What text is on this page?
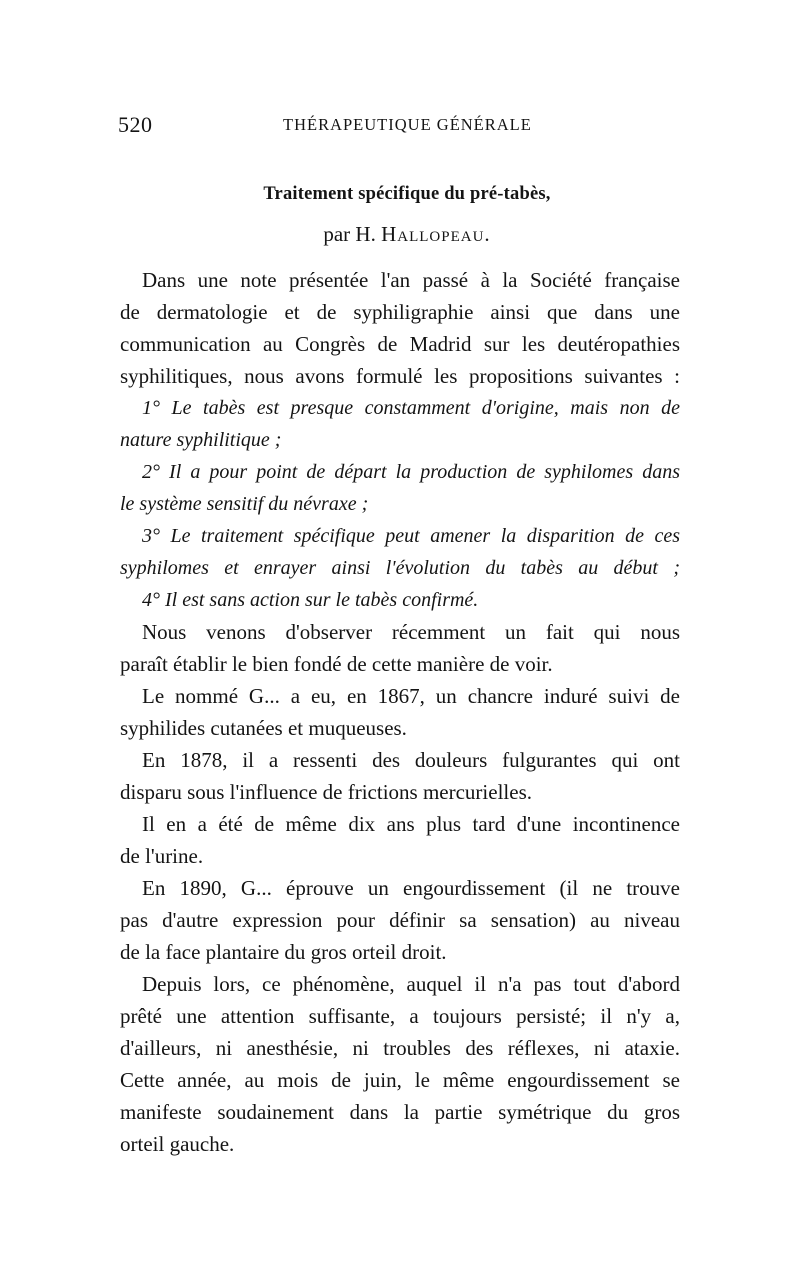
520	THÉRAPEUTIQUE GÉNÉRALE
Traitement spécifique du pré-tabès,
par H. Hallopeau.
Dans une note présentée l'an passé à la Société française
de dermatologie et de syphiligraphie ainsi que dans une
communication au Congrès de Madrid sur les deutéropathies
syphilitiques, nous avons formulé les propositions suivantes :
1° Le tabès est presque constamment d'origine, mais non de
nature syphilitique ;
2° Il a pour point de départ la production de syphilomes dans
le système sensitif du névraxe ;
3° Le traitement spécifique peut amener la disparition de ces
syphilomes et enrayer ainsi l'évolution du tabès au début ;
4° Il est sans action sur le tabès confirmé.
Nous venons d'observer récemment un fait qui nous
paraît établir le bien fondé de cette manière de voir.
Le nommé G... a eu, en 1867, un chancre induré suivi de
syphilides cutanées et muqueuses.
En 1878, il a ressenti des douleurs fulgurantes qui ont
disparu sous l'influence de frictions mercurielles.
Il en a été de même dix ans plus tard d'une incontinence
de l'urine.
En 1890, G... éprouve un engourdissement (il ne trouve
pas d'autre expression pour définir sa sensation) au niveau
de la face plantaire du gros orteil droit.
Depuis lors, ce phénomène, auquel il n'a pas tout d'abord
prêté une attention suffisante, a toujours persisté; il n'y a,
d'ailleurs, ni anesthésie, ni troubles des réflexes, ni ataxie.
Cette année, au mois de juin, le même engourdissement se
manifeste soudainement dans la partie symétrique du gros
orteil gauche.
